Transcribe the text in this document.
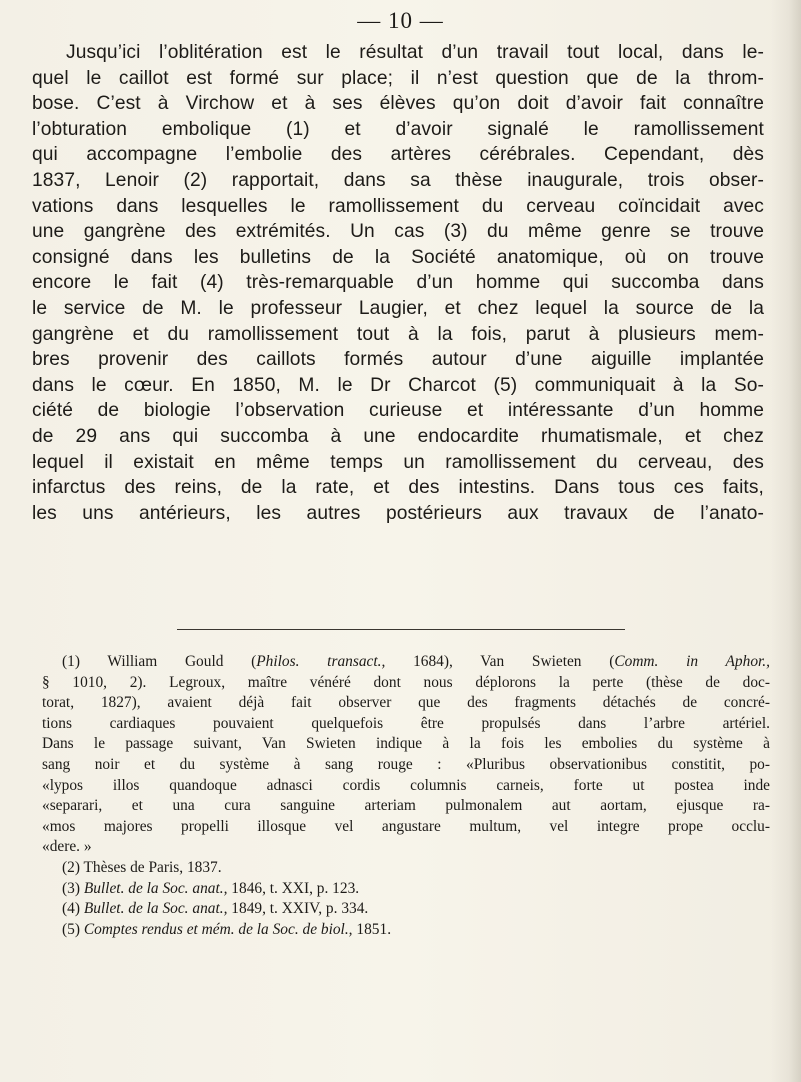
— 10 —
Jusqu’ici l’oblitération est le résultat d’un travail tout local, dans le-
quel le caillot est formé sur place; il n’est question que de la throm-
bose. C’est à Virchow et à ses élèves qu’on doit d’avoir fait connaître
l’obturation embolique (1) et d’avoir signalé le ramollissement
qui accompagne l’embolie des artères cérébrales. Cependant, dès
1837, Lenoir (2) rapportait, dans sa thèse inaugurale, trois obser-
vations dans lesquelles le ramollissement du cerveau coïncidait avec
une gangrène des extrémités. Un cas (3) du même genre se trouve
consigné dans les bulletins de la Société anatomique, où on trouve
encore le fait (4) très-remarquable d’un homme qui succomba dans
le service de M. le professeur Laugier, et chez lequel la source de la
gangrène et du ramollissement tout à la fois, parut à plusieurs mem-
bres provenir des caillots formés autour d’une aiguille implantée
dans le cœur. En 1850, M. le Dr Charcot (5) communiquait à la So-
ciété de biologie l’observation curieuse et intéressante d’un homme
de 29 ans qui succomba à une endocardite rhumatismale, et chez
lequel il existait en même temps un ramollissement du cerveau, des
infarctus des reins, de la rate, et des intestins. Dans tous ces faits,
les uns antérieurs, les autres postérieurs aux travaux de l’anato-
(1) William Gould (Philos. transact., 1684), Van Swieten (Comm. in Aphor.,
§ 1010, 2). Legroux, maître vénéré dont nous déplorons la perte (thèse de doc-
torat, 1827), avaient déjà fait observer que des fragments détachés de concré-
tions cardiaques pouvaient quelquefois être propulsés dans l’arbre artériel.
Dans le passage suivant, Van Swieten indique à la fois les embolies du système à
sang noir et du système à sang rouge : «Pluribus observationibus constitit, po-
«lypos illos quandoque adnasci cordis columnis carneis, forte ut postea inde
«separari, et una cura sanguine arteriam pulmonalem aut aortam, ejusque ra-
«mos majores propelli illosque vel angustare multum, vel integre prope occlu-
«dere. »
(2) Thèses de Paris, 1837.
(3) Bullet. de la Soc. anat., 1846, t. XXI, p. 123.
(4) Bullet. de la Soc. anat., 1849, t. XXIV, p. 334.
(5) Comptes rendus et mém. de la Soc. de biol., 1851.
